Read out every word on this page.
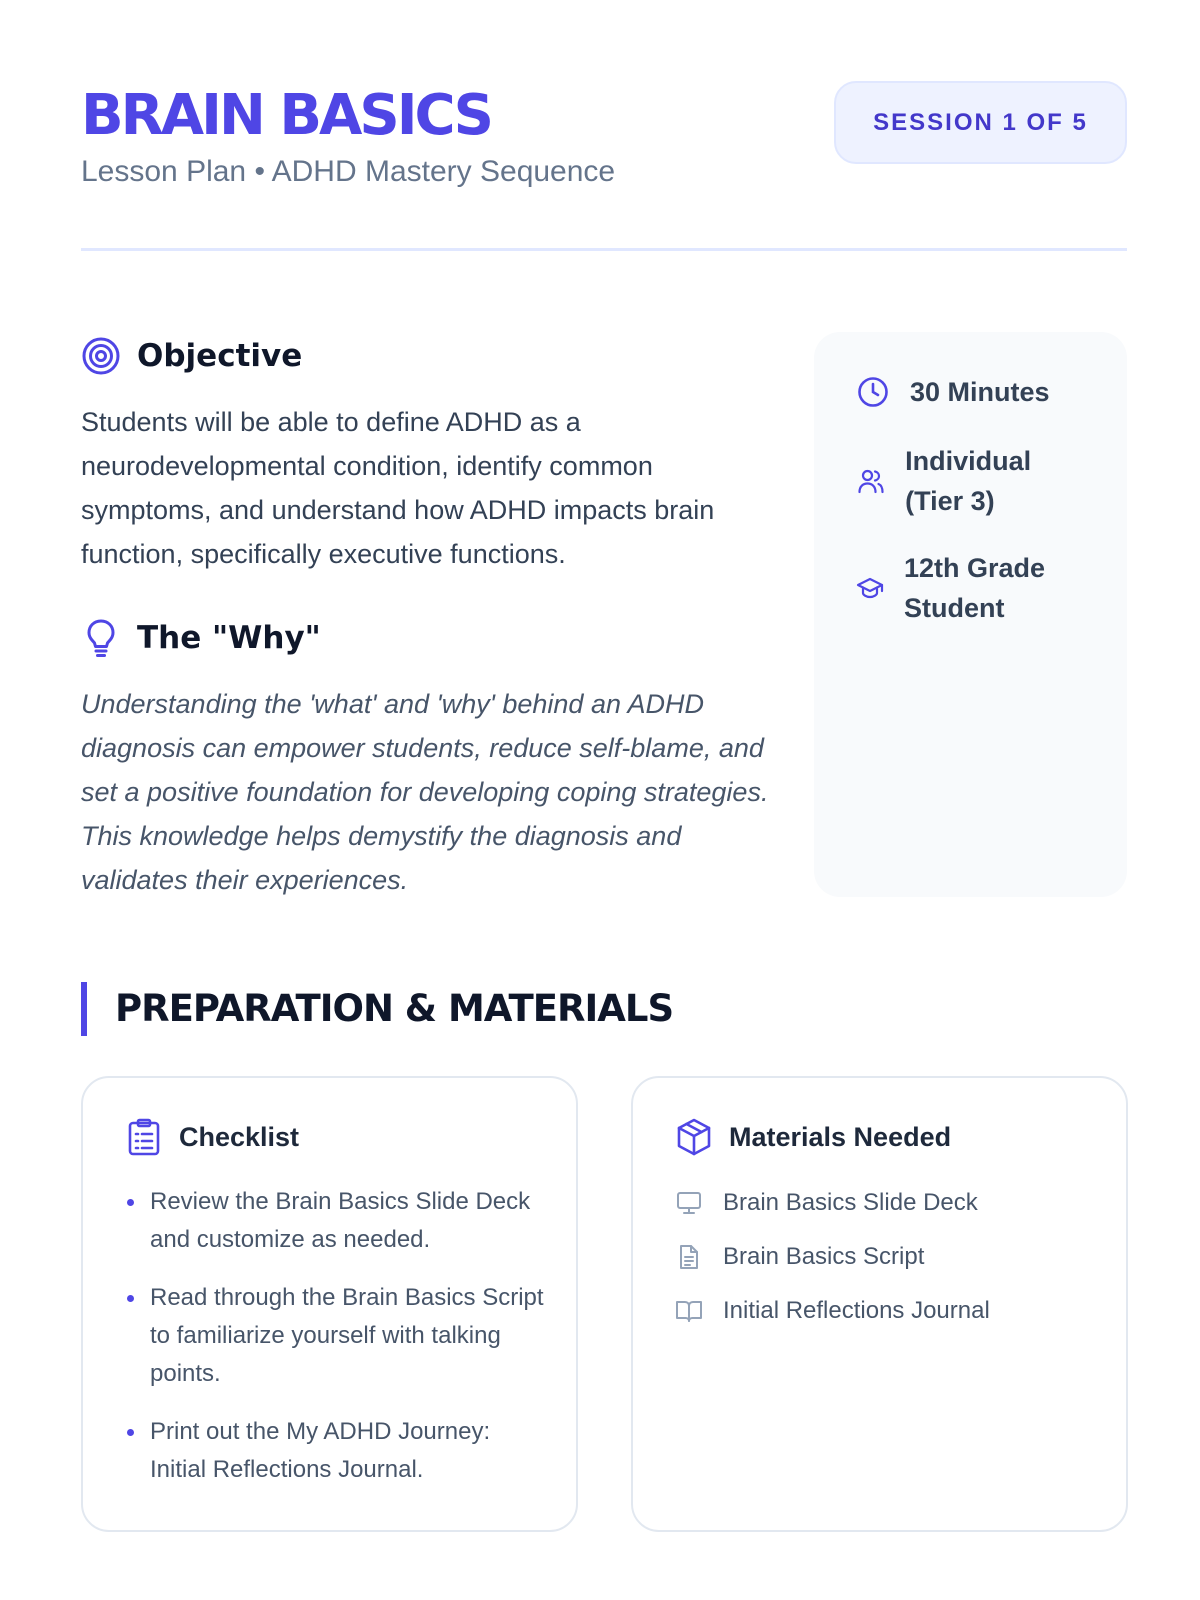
BRAIN BASICS
Lesson Plan • ADHD Mastery Sequence
SESSION 1 OF 5
Objective

Students will be able to define ADHD as a neurodevelopmental condition, identify common symptoms, and understand how ADHD impacts brain function, specifically executive functions.

The "Why"

Understanding the 'what' and 'why' behind an ADHD diagnosis can empower students, reduce self-blame, and set a positive foundation for developing coping strategies. This knowledge helps demystify the diagnosis and validates their experiences.

30 Minutes
Individual (Tier 3)
12th Grade Student
PREPARATION & MATERIALS
Checklist
Review the Brain Basics Slide Deck and customize as needed.
Read through the Brain Basics Script to familiarize yourself with talking points.
Print out the My ADHD Journey: Initial Reflections Journal.
Materials Needed
Brain Basics Slide Deck
Brain Basics Script
Initial Reflections Journal
